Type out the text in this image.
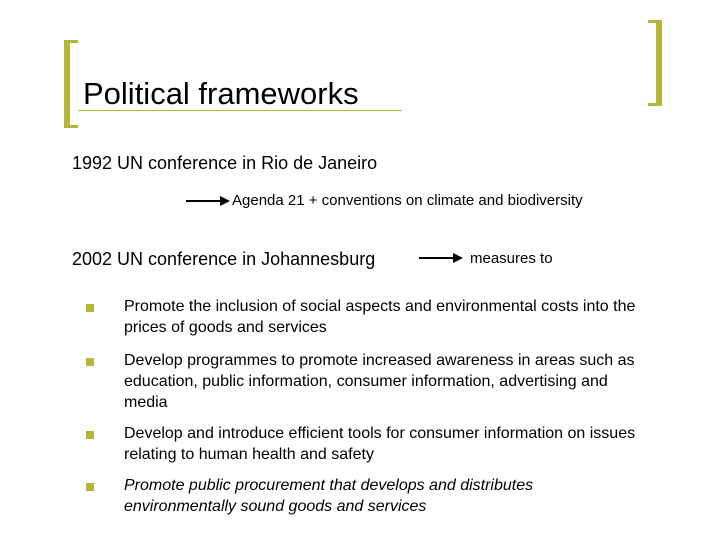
Political frameworks
1992 UN conference in Rio de Janeiro
Agenda 21 + conventions on climate and biodiversity
2002 UN conference in Johannesburg	measures to
Promote the inclusion of social aspects and environmental costs into the prices of goods and services
Develop programmes to promote increased awareness in areas such as education, public information, consumer information, advertising and media
Develop and introduce efficient tools for consumer information on issues relating to human health and safety
Promote public procurement that develops and distributes environmentally sound goods and services
